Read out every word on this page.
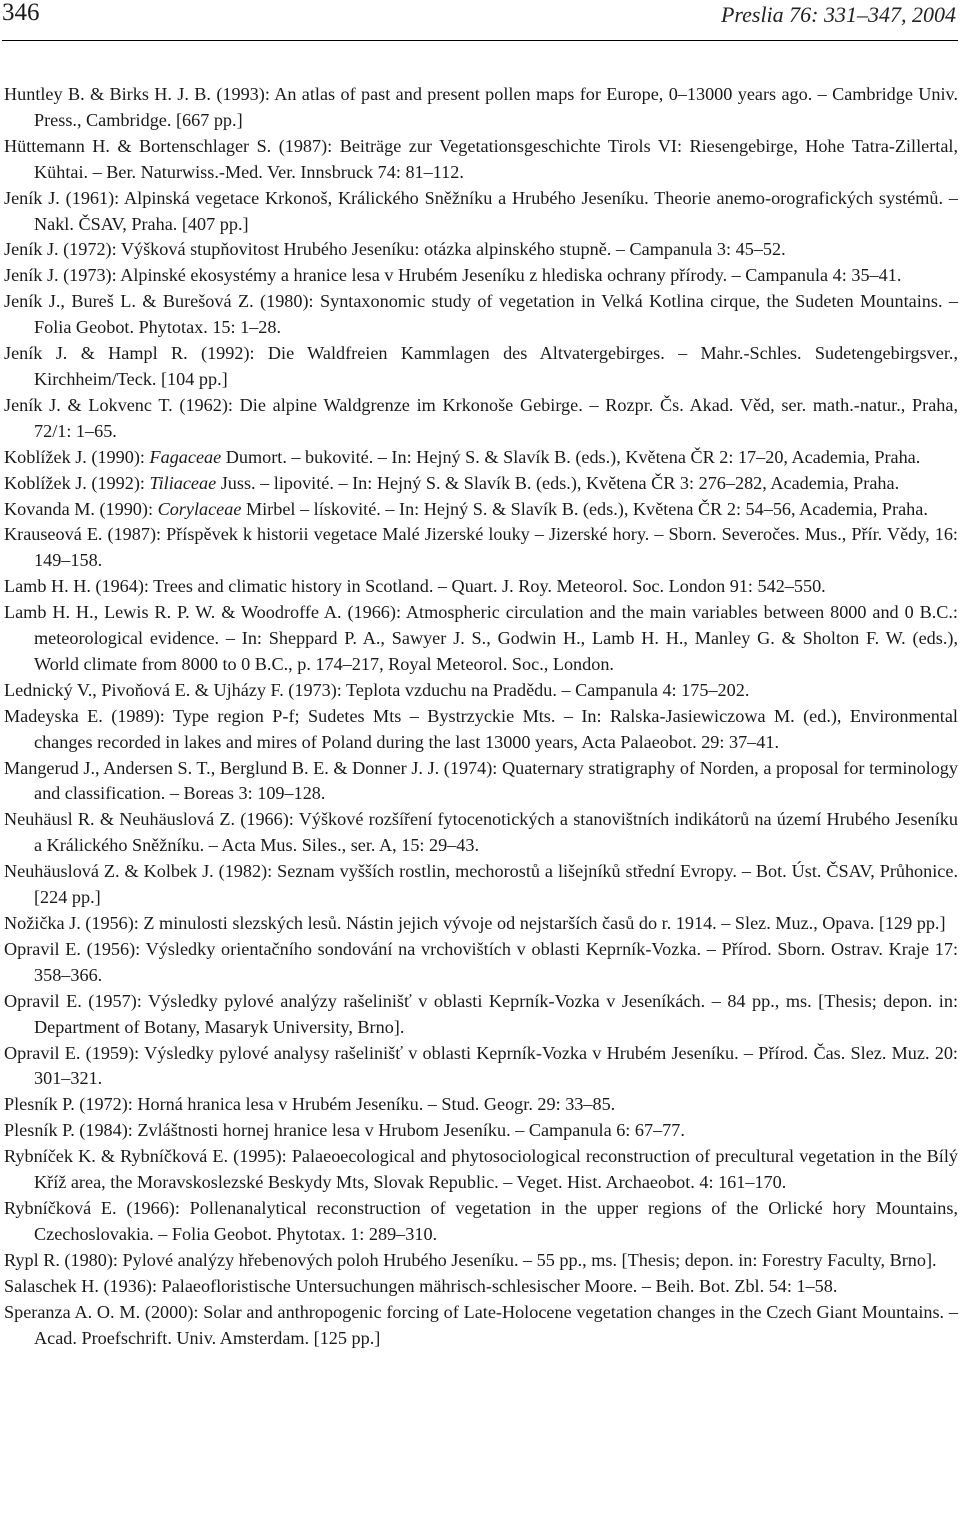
346	Preslia 76: 331–347, 2004
Huntley B. & Birks H. J. B. (1993): An atlas of past and present pollen maps for Europe, 0–13000 years ago. – Cambridge Univ. Press., Cambridge. [667 pp.]
Hüttemann H. & Bortenschlager S. (1987): Beiträge zur Vegetationsgeschichte Tirols VI: Riesengebirge, Hohe Tatra-Zillertal, Kühtai. – Ber. Naturwiss.-Med. Ver. Innsbruck 74: 81–112.
Jeník J. (1961): Alpinská vegetace Krkonoš, Králického Sněžníku a Hrubého Jeseníku. Theorie anemo-orografických systémů. – Nakl. ČSAV, Praha. [407 pp.]
Jeník J. (1972): Výšková stupňovitost Hrubého Jeseníku: otázka alpinského stupně. – Campanula 3: 45–52.
Jeník J. (1973): Alpinské ekosystémy a hranice lesa v Hrubém Jeseníku z hlediska ochrany přírody. – Campanula 4: 35–41.
Jeník J., Bureš L. & Burešová Z. (1980): Syntaxonomic study of vegetation in Velká Kotlina cirque, the Sudeten Mountains. – Folia Geobot. Phytotax. 15: 1–28.
Jeník J. & Hampl R. (1992): Die Waldfreien Kammlagen des Altvatergebirges. – Mahr.-Schles. Sudetengebirgsver., Kirchheim/Teck. [104 pp.]
Jeník J. & Lokvenc T. (1962): Die alpine Waldgrenze im Krkonoše Gebirge. – Rozpr. Čs. Akad. Věd, ser. math.-natur., Praha, 72/1: 1–65.
Koblížek J. (1990): Fagaceae Dumort. – bukovité. – In: Hejný S. & Slavík B. (eds.), Květena ČR 2: 17–20, Academia, Praha.
Koblížek J. (1992): Tiliaceae Juss. – lipovité. – In: Hejný S. & Slavík B. (eds.), Květena ČR 3: 276–282, Academia, Praha.
Kovanda M. (1990): Corylaceae Mirbel – lískovité. – In: Hejný S. & Slavík B. (eds.), Květena ČR 2: 54–56, Academia, Praha.
Krauseová E. (1987): Příspěvek k historii vegetace Malé Jizerské louky – Jizerské hory. – Sborn. Severočes. Mus., Přír. Vědy, 16: 149–158.
Lamb H. H. (1964): Trees and climatic history in Scotland. – Quart. J. Roy. Meteorol. Soc. London 91: 542–550.
Lamb H. H., Lewis R. P. W. & Woodroffe A. (1966): Atmospheric circulation and the main variables between 8000 and 0 B.C.: meteorological evidence. – In: Sheppard P. A., Sawyer J. S., Godwin H., Lamb H. H., Manley G. & Sholton F. W. (eds.), World climate from 8000 to 0 B.C., p. 174–217, Royal Meteorol. Soc., London.
Lednický V., Pivoňová E. & Ujházy F. (1973): Teplota vzduchu na Pradědu. – Campanula 4: 175–202.
Madeyska E. (1989): Type region P-f; Sudetes Mts – Bystrzyckie Mts. – In: Ralska-Jasiewiczowa M. (ed.), Environmental changes recorded in lakes and mires of Poland during the last 13000 years, Acta Palaeobot. 29: 37–41.
Mangerud J., Andersen S. T., Berglund B. E. & Donner J. J. (1974): Quaternary stratigraphy of Norden, a proposal for terminology and classification. – Boreas 3: 109–128.
Neuhäusl R. & Neuhäuslová Z. (1966): Výškové rozšíření fytocenotických a stanovištních indikátorů na území Hrubého Jeseníku a Králického Sněžníku. – Acta Mus. Siles., ser. A, 15: 29–43.
Neuhäuslová Z. & Kolbek J. (1982): Seznam vyšších rostlin, mechorostů a lišejníků střední Evropy. – Bot. Úst. ČSAV, Průhonice. [224 pp.]
Nožička J. (1956): Z minulosti slezských lesů. Nástin jejich vývoje od nejstarších časů do r. 1914. – Slez. Muz., Opava. [129 pp.]
Opravil E. (1956): Výsledky orientačního sondování na vrchovištích v oblasti Keprník-Vozka. – Přírod. Sborn. Ostrav. Kraje 17: 358–366.
Opravil E. (1957): Výsledky pylové analýzy rašelinišť v oblasti Keprník-Vozka v Jeseníkách. – 84 pp., ms. [Thesis; depon. in: Department of Botany, Masaryk University, Brno].
Opravil E. (1959): Výsledky pylové analysy rašelinišť v oblasti Keprník-Vozka v Hrubém Jeseníku. – Přírod. Čas. Slez. Muz. 20: 301–321.
Plesník P. (1972): Horná hranica lesa v Hrubém Jeseníku. – Stud. Geogr. 29: 33–85.
Plesník P. (1984): Zvláštnosti hornej hranice lesa v Hrubom Jeseníku. – Campanula 6: 67–77.
Rybníček K. & Rybníčková E. (1995): Palaeoecological and phytosociological reconstruction of precultural vegetation in the Bílý Kříž area, the Moravskoslezské Beskydy Mts, Slovak Republic. – Veget. Hist. Archaeobot. 4: 161–170.
Rybníčková E. (1966): Pollenanalytical reconstruction of vegetation in the upper regions of the Orlické hory Mountains, Czechoslovakia. – Folia Geobot. Phytotax. 1: 289–310.
Rypl R. (1980): Pylové analýzy hřebenových poloh Hrubého Jeseníku. – 55 pp., ms. [Thesis; depon. in: Forestry Faculty, Brno].
Salaschek H. (1936): Palaeofloristische Untersuchungen mährisch-schlesischer Moore. – Beih. Bot. Zbl. 54: 1–58.
Speranza A. O. M. (2000): Solar and anthropogenic forcing of Late-Holocene vegetation changes in the Czech Giant Mountains. – Acad. Proefschrift. Univ. Amsterdam. [125 pp.]
